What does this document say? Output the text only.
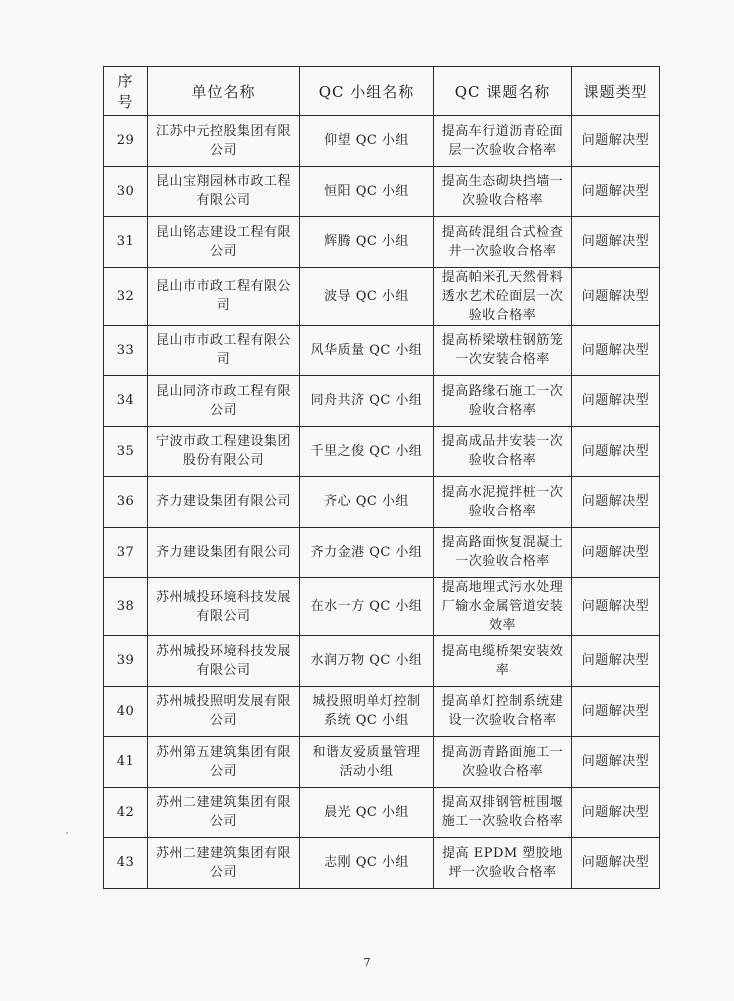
序号	单位名称	QC 小组名称	QC 课题名称	课题类型
29	江苏中元控股集团有限公司	仰望 QC 小组	提高车行道沥青砼面层一次验收合格率	问题解决型
30	昆山宝翔园林市政工程有限公司	恒阳 QC 小组	提高生态砌块挡墙一次验收合格率	问题解决型
31	昆山铭志建设工程有限公司	辉腾 QC 小组	提高砖混组合式检查井一次验收合格率	问题解决型
32	昆山市市政工程有限公司	波导 QC 小组	提高帕米孔天然骨料透水艺术砼面层一次验收合格率	问题解决型
33	昆山市市政工程有限公司	风华质量 QC 小组	提高桥梁墩柱钢筋笼一次安装合格率	问题解决型
34	昆山同济市政工程有限公司	同舟共济 QC 小组	提高路缘石施工一次验收合格率	问题解决型
35	宁波市政工程建设集团股份有限公司	千里之俊 QC 小组	提高成品井安装一次验收合格率	问题解决型
36	齐力建设集团有限公司	齐心 QC 小组	提高水泥搅拌桩一次验收合格率	问题解决型
37	齐力建设集团有限公司	齐力金港 QC 小组	提高路面恢复混凝土一次验收合格率	问题解决型
38	苏州城投环境科技发展有限公司	在水一方 QC 小组	提高地埋式污水处理厂输水金属管道安装效率	问题解决型
39	苏州城投环境科技发展有限公司	水润万物 QC 小组	提高电缆桥架安装效率	问题解决型
40	苏州城投照明发展有限公司	城投照明单灯控制系统 QC 小组	提高单灯控制系统建设一次验收合格率	问题解决型
41	苏州第五建筑集团有限公司	和谐友爱质量管理活动小组	提高沥青路面施工一次验收合格率	问题解决型
42	苏州二建建筑集团有限公司	晨光 QC 小组	提高双排钢管桩围堰施工一次验收合格率	问题解决型
43	苏州二建建筑集团有限公司	志刚 QC 小组	提高 EPDM 塑胶地坪一次验收合格率	问题解决型
7
